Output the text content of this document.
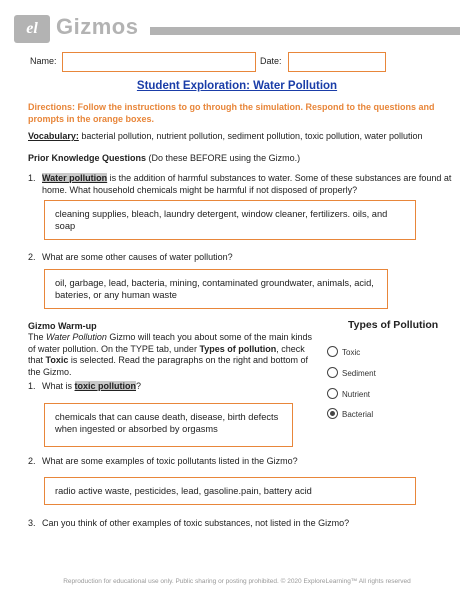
el Gizmos
Name:	Date:
Student Exploration: Water Pollution
Directions: Follow the instructions to go through the simulation. Respond to the questions and prompts in the orange boxes.
Vocabulary: bacterial pollution, nutrient pollution, sediment pollution, toxic pollution, water pollution
Prior Knowledge Questions (Do these BEFORE using the Gizmo.)
1. Water pollution is the addition of harmful substances to water. Some of these substances are found at home. What household chemicals might be harmful if not disposed of properly?
cleaning supplies, bleach, laundry detergent, window cleaner, fertilizers. oils, and soap
2. What are some other causes of water pollution?
oil, garbage, lead, bacteria, mining, contaminated groundwater, animals, acid, bateries, or any human waste
Gizmo Warm-up
The Water Pollution Gizmo will teach you about some of the main kinds of water pollution. On the TYPE tab, under Types of pollution, check that Toxic is selected. Read the paragraphs on the right and bottom of the Gizmo.
Types of Pollution
Toxic
Sediment
Nutrient
Bacterial
1. What is toxic pollution?
chemicals that can cause death, disease, birth defects when ingested or absorbed by orgasms
2. What are some examples of toxic pollutants listed in the Gizmo?
radio active waste, pesticides, lead, gasoline.pain, battery acid
3. Can you think of other examples of toxic substances, not listed in the Gizmo?
Reproduction for educational use only. Public sharing or posting prohibited. © 2020 ExploreLearning™ All rights reserved
